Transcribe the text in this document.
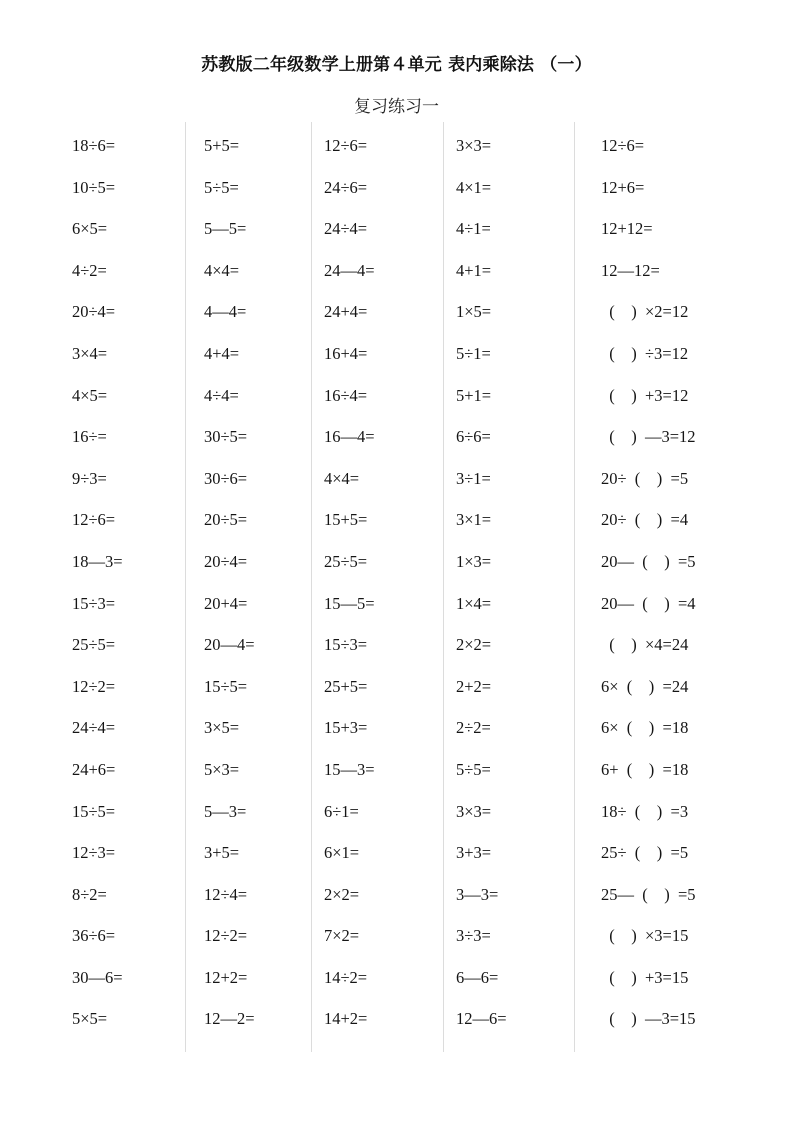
苏教版二年级数学上册第４单元 表内乘除法 （一）
复习练习一
18÷6=
10÷5=
6×5=
4÷2=
20÷4=
3×4=
4×5=
16÷=
9÷3=
12÷6=
18—3=
15÷3=
25÷5=
12÷2=
24÷4=
24+6=
15÷5=
12÷3=
8÷2=
36÷6=
30—6=
5×5=
5+5=
5÷5=
5—5=
4×4=
4—4=
4+4=
4÷4=
30÷5=
30÷6=
20÷5=
20÷4=
20+4=
20—4=
15÷5=
3×5=
5×3=
5—3=
3+5=
12÷4=
12÷2=
12+2=
12—2=
12÷6=
24÷6=
24÷4=
24—4=
24+4=
16+4=
16÷4=
16—4=
4×4=
15+5=
25÷5=
15—5=
15÷3=
25+5=
15+3=
15—3=
6÷1=
6×1=
2×2=
7×2=
14÷2=
14+2=
3×3=
4×1=
4÷1=
4+1=
1×5=
5÷1=
5+1=
6÷6=
3÷1=
3×1=
1×3=
1×4=
2×2=
2+2=
2÷2=
5÷5=
3×3=
3+3=
3—3=
3÷3=
6—6=
12—6=
12÷6=
12+6=
12+12=
12—12=
(    )  ×2=12
(    )  ÷3=12
(    )  +3=12
(    )  —3=12
20÷  (    )  =5
20÷  (    )  =4
20—  (    )  =5
20—  (    )  =4
(    )  ×4=24
6×  (    )  =24
6×  (    )  =18
6+  (    )  =18
18÷  (    )  =3
25÷  (    )  =5
25—  (    )  =5
(    )  ×3=15
(    )  +3=15
(    )  —3=15
